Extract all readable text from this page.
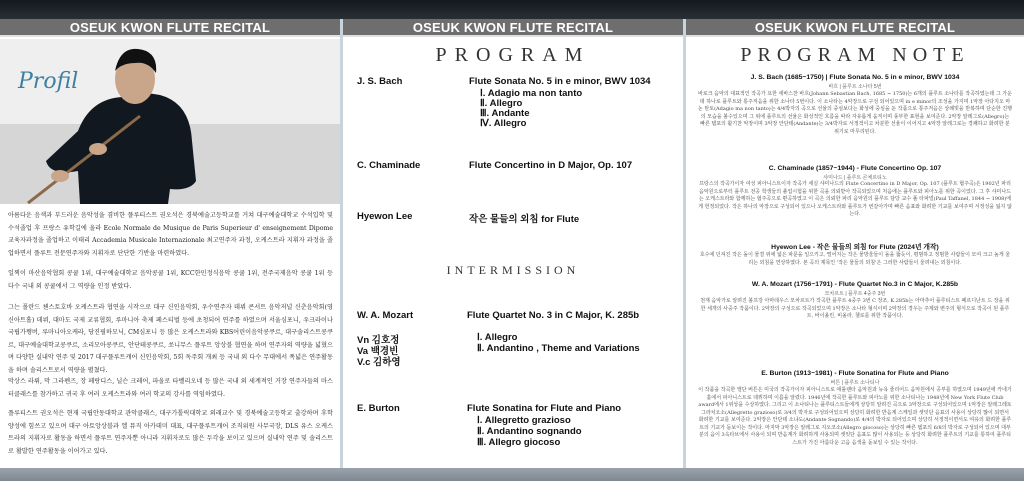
OSEUK KWON FLUTE RECITAL
Profil

아름다운 음색과 부드러운 음악성을 겸비한 플루티스트 권오석은 경북예술고등학교를 거쳐 대구예술대학교 수석입학 및 수석졸업 후 프랑스 유학길에 올라 Ecole Normale de Musique de Paris Superieur d' enseignement Dipome 교육자과정을 졸업하고 이태리 Accademia Musicale Internazionale 최고연주자 과정, 오케스트라 지휘자 과정을 졸업하면서 플루트 전문연주자와 지휘자로 단단한 기반을 마련하였다.

일찍이 마산음악협회 콩쿨 1위, 대구예술대학교 음악콩쿨 1위, KCC한민정식음악 콩쿨 1위, 전주국제음악 콩쿨 1위 등 다수 국내 외 콩쿨에서 그 역량을 인정 받았다.

그는 폴란드 첸스토호바 오케스트라 협연을 시작으로 대구 신인음악회, 우수연주자 데뷔 콘서트 음악저널 신춘음악회(영신아트홀) 데뷔, 대마도 국제 교류협회, 루마니아 축제 페스티벌 등에 초청되어 연주를 하였으며 서울심포니, 우크라이나국립가쨍버, 루마니아오케라, 당진필하모닉, CM심포니 등 많은 오케스트라와 KBS어린이음악콩쿠르, 대구솔리스트콩쿠르, 대구예술대학교콩쿠르, 소리모아콩쿠르, 안단테콩쿠르, 쏘니무스 플루트 앙상블 협연을 하며 연주자의 역량을 넓혔으며 다양한 실내악 연주 및 2017 대구플루트캐어 신인음악회, 5회 독주회 개최 등 국내 외 다수 무대에서 폭넓은 연주활동을 하며 솔리스트로서 역량을 펼쳤다.

막상스 라뤼, 막 그라펜즈, 장 페랑디스, 닐슨 크레어, 파올로 타벨리오네 등 많은 국내 외 세계적인 거장 연주자들의 마스터클래스를 참가하고 귀국 후 여러 오케스트라와 여러 학교의 강사를 역임하였다.

플루티스트 권오석은 현재 국립안동대학교 관악클래스, 대구가톨릭대학교 외래교수 및 경북예술고등학교 출강하며 후학양성에 힘쓰고 있으며 대구 아토앙상블과 엘 뮤직 아카데미 대표, 대구플루트캐어 조직위원 사무국장, DLS 유스 오케스트라의 지휘자로 활동을 하면서 플루트 연주자뿐 아니라 지휘자로도 많은 두각을 보이고 있으며 실내악 연주 및 솔리스트로 활발한 연주활동을 이어가고 있다.

OSEUK KWON FLUTE RECITAL
PROGRAM
J. S. Bach	Flute Sonata No. 5 in e minor, BWV 1034
Ⅰ. Adagio ma non tanto
Ⅱ. Allegro
Ⅲ. Andante
Ⅳ. Allegro
C. Chaminade	Flute Concertino in D Major, Op. 107
Hyewon Lee	작은 물들의 외침 for Flute
INTERMISSION
W. A. Mozart	Flute Quartet No. 3 in C Major, K. 285b
Vn 김호정
Va 백경빈
V.c 김하영
Ⅰ. Allegro
Ⅱ. Andantino , Theme and Variations
E. Burton	Flute Sonatina for Flute and Piano
Ⅰ. Allegretto grazioso
Ⅱ. Andantino sognando
Ⅲ. Allegro giocoso
OSEUK KWON FLUTE RECITAL
PROGRAM NOTE
J. S. Bach (1685~1750) | Flute Sonata No. 5 in e minor, BWV 1034
바흐 | 플루트 소나타 5번

바로크 음악의 대표적인 작곡가 요한 세바스찬 바흐(Johann Sebastian Bach, 1685 ~ 1750)는 6개의 플루트 소나타를 작곡하였는데 그 가운데 하나로 플루트와 통주저음을 위한 소나타 5번이다. 이 소나타는 4악장으로 구성 되어있으며 in e minor의 조성을 가지며 1악장 아다지오 마 논 탄토(Adagio ma non tanto)는 4/4박자의 곡으로 선율의 중심보다는 화성에 중심을 둔 작품으로 통주저음은 상례빗을 반복하며 단순한 진행의 모습을 볼수있으며 그 위에 플루트의 선율은 화성적인 흐름을 따라 자유롭게 움직이며 풍부한 표현을 보여준다. 2악장 알레그로(Allegro)는 빠른 템포의 활기찬 악장이며 3악장 안단테(Andante)는 3/4박자로 서정적이고 차분한 선율이 이어지고 4악장 알레그로는 경쾌하고 화려한 분위기로 마무리된다.

C. Chaminade (1857~1944) - Flute Concertino Op. 107
샤미나드 | 플루트 콘체르티노

프랑스의 작곡가이자 여성 피아니스트이자 작곡가 세실 샤미나드의 Flute Concertino in D Major, Op. 107 (플루트 협주곡)은 1902년 파리음악원으로부터 플루트 전공 학생들의 졸업시험을 위한 곡을 의뢰받아 작곡되었으며 처음에는 플루트와 피아노를 위한 곡이었다. 그 후 샤미나드는 오케스트라와 함께하는 협주곡으로 편곡하였고 이 곡은 의뢰한 파리 음악원의 플루트 담당 교수 폴 타파넬(Paul Taffanel, 1844 ~ 1908)에게 헌정되었다. 작은 하나의 악장으로 구성되어 있으나 오케스트라와 플루트가 번갈아가며 빠른 음표와 화려한 기교를 보여주며 서정성을 잃지 않는다.

Hyewon Lee - 작은 물들의 외침 for Flute (2024년 개작)

호수에 던져진 작은 돌이 물결 위에 넓은 파문을 일으키고, 떨어지는 작은 물방울들이 돌을 뚫듯이, 평범하고 정범한 사람들이 모여 크고 높게 울리는 외침을 연상하였다. 본 곡의 제목인 '작은 물들의 외침'은 그러한 사람들이 울려내는 외침이다.

W. A. Mozart (1756~1791) - Flute Quartet No.3 in C Major, K.285b
모차르트 | 플루트 4중주 3번

천재 음악가로 알려진 볼프강 아마데우스 모차르트가 작곡한 플루트 4중주 3번 C 장조, K.285b는 아마추어 플루티스트 페르디난트 드 장을 위한 세개의 사중주 작품이다. 2악장의 구성으로 작곡되었으며 1악장은 소나타 형식이며 2악장의 경우는 주제와 변주의 형식으로 작곡이 된 플루트, 바이올린, 비올라, 첼로를 위한 작품이다.

E. Burton (1913~1981) - Flute Sonatina for Flute and Piano
버튼 | 플루트 소나티나

이 작품을 작곡한 엘단 버튼은 미국의 작곡가이자 피아니스트로 애틀랜타 음악원과 뉴욕 줄리어드 음악원에서 공부를 하였으며 1949년에 카네기홀에서 피아니스트로 데뷔하며 이름을 알렸다. 1946년에 작곡한 플루트와 피아노를 위한 소나티나는 1948년에 New York Flute Club award에서 1위상을 수상하였다. 그리고 이 소나티나는 플루티스트들에게 상당히 알려진 곡으로 3악장으로 구성되어있으며 1악장은 알레그레토 그라치오소(Allegretto grazioso)로 3/4의 박자로 구성되어있으며 상당히 화려한 반음계 스케일과 셋잇단 음표의 사용이 상당히 많이 되면서 화려한 기교를 보여준다. 2악장은 안단테 소냐도(Andante Sognando)로 4/4의 박자로 되어있으며 상당히 서정적이면서도 여유의 화려한 플루트의 기교가 돋보이는 작이다. 마지막 3악장은 알레그로 지오코소(Allegro giocoso)는 상당히 빠른 템포의 6/8의 박자로 구성되어 있으며 대부분의 음이 3옥타브에서 사용이 되며 반음계가 화려하게 사용되며 셋잇단 음표도 많이 사용되는 등 상당히 화려한 플루트의 기교를 통하여 플루티스트가 가진 아름다운 고음 음색을 돋보일 수 있는 작이다.
